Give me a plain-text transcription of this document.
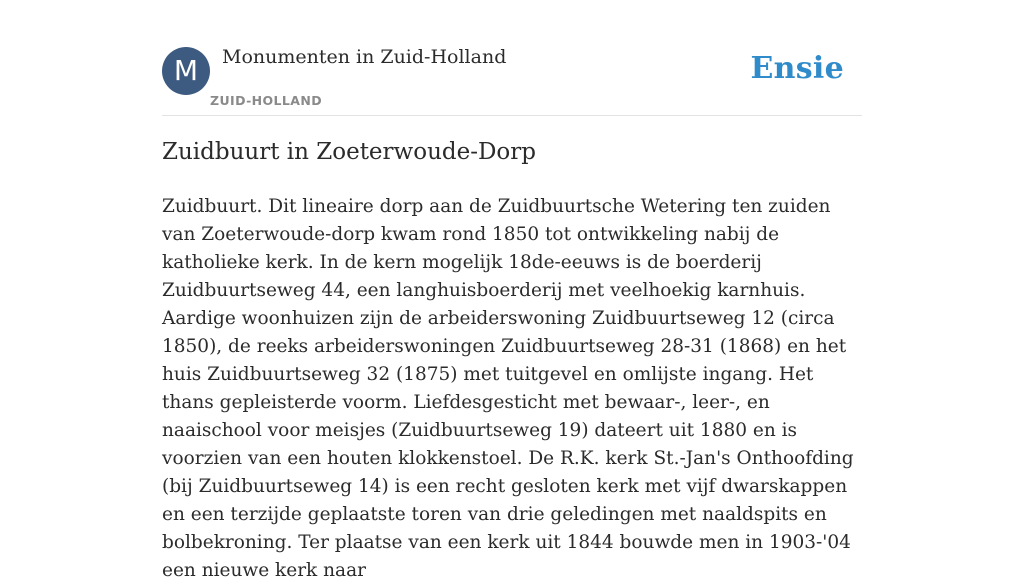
M	Monumenten in Zuid-Holland
ZUID-HOLLAND
Ensie
Zuidbuurt in Zoeterwoude-Dorp

Zuidbuurt. Dit lineaire dorp aan de Zuidbuurtsche Wetering ten zuiden van Zoeterwoude-dorp kwam rond 1850 tot ontwikkeling nabij de katholieke kerk. In de kern mogelijk 18de-eeuws is de boerderij Zuidbuurtseweg 44, een langhuisboerderij met veelhoekig karnhuis. Aardige woonhuizen zijn de arbeiderswoning Zuidbuurtseweg 12 (circa 1850), de reeks arbeiderswoningen Zuidbuurtseweg 28-31 (1868) en het huis Zuidbuurtseweg 32 (1875) met tuitgevel en omlijste ingang. Het thans gepleisterde voorm. Liefdesgesticht met bewaar-, leer-, en naaischool voor meisjes (Zuidbuurtseweg 19) dateert uit 1880 en is voorzien van een houten klokkenstoel. De R.K. kerk St.-Jan's Onthoofding (bij Zuidbuurtseweg 14) is een recht gesloten kerk met vijf dwarskappen en een terzijde geplaatste toren van drie geledingen met naaldspits en bolbekroning. Ter plaatse van een kerk uit 1844 bouwde men in 1903-'04 een nieuwe kerk naar
